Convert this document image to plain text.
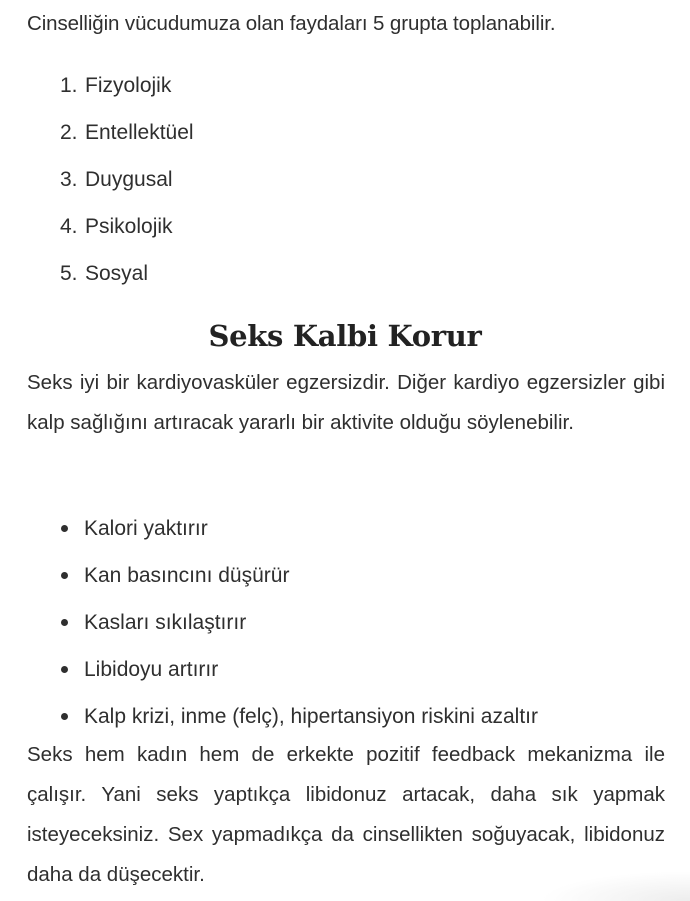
Cinselliğin vücudumuza olan faydaları 5 grupta toplanabilir.

1. Fizyolojik
2. Entellektüel
3. Duygusal
4. Psikolojik
5. Sosyal
Seks Kalbi Korur

Seks iyi bir kardiyovasküler egzersizdir. Diğer kardiyo egzersizler gibi kalp sağlığını artıracak yararlı bir aktivite olduğu söylenebilir.

Kalori yaktırır
Kan basıncını düşürür
Kasları sıkılaştırır
Libidoyu artırır
Kalp krizi, inme (felç), hipertansiyon riskini azaltır

Seks hem kadın hem de erkekte pozitif feedback mekanizma ile çalışır. Yani seks yaptıkça libidonuz artacak, daha sık yapmak isteyeceksiniz. Sex yapmadıkça da cinsellikten soğuyacak, libidonuz daha da düşecektir.
